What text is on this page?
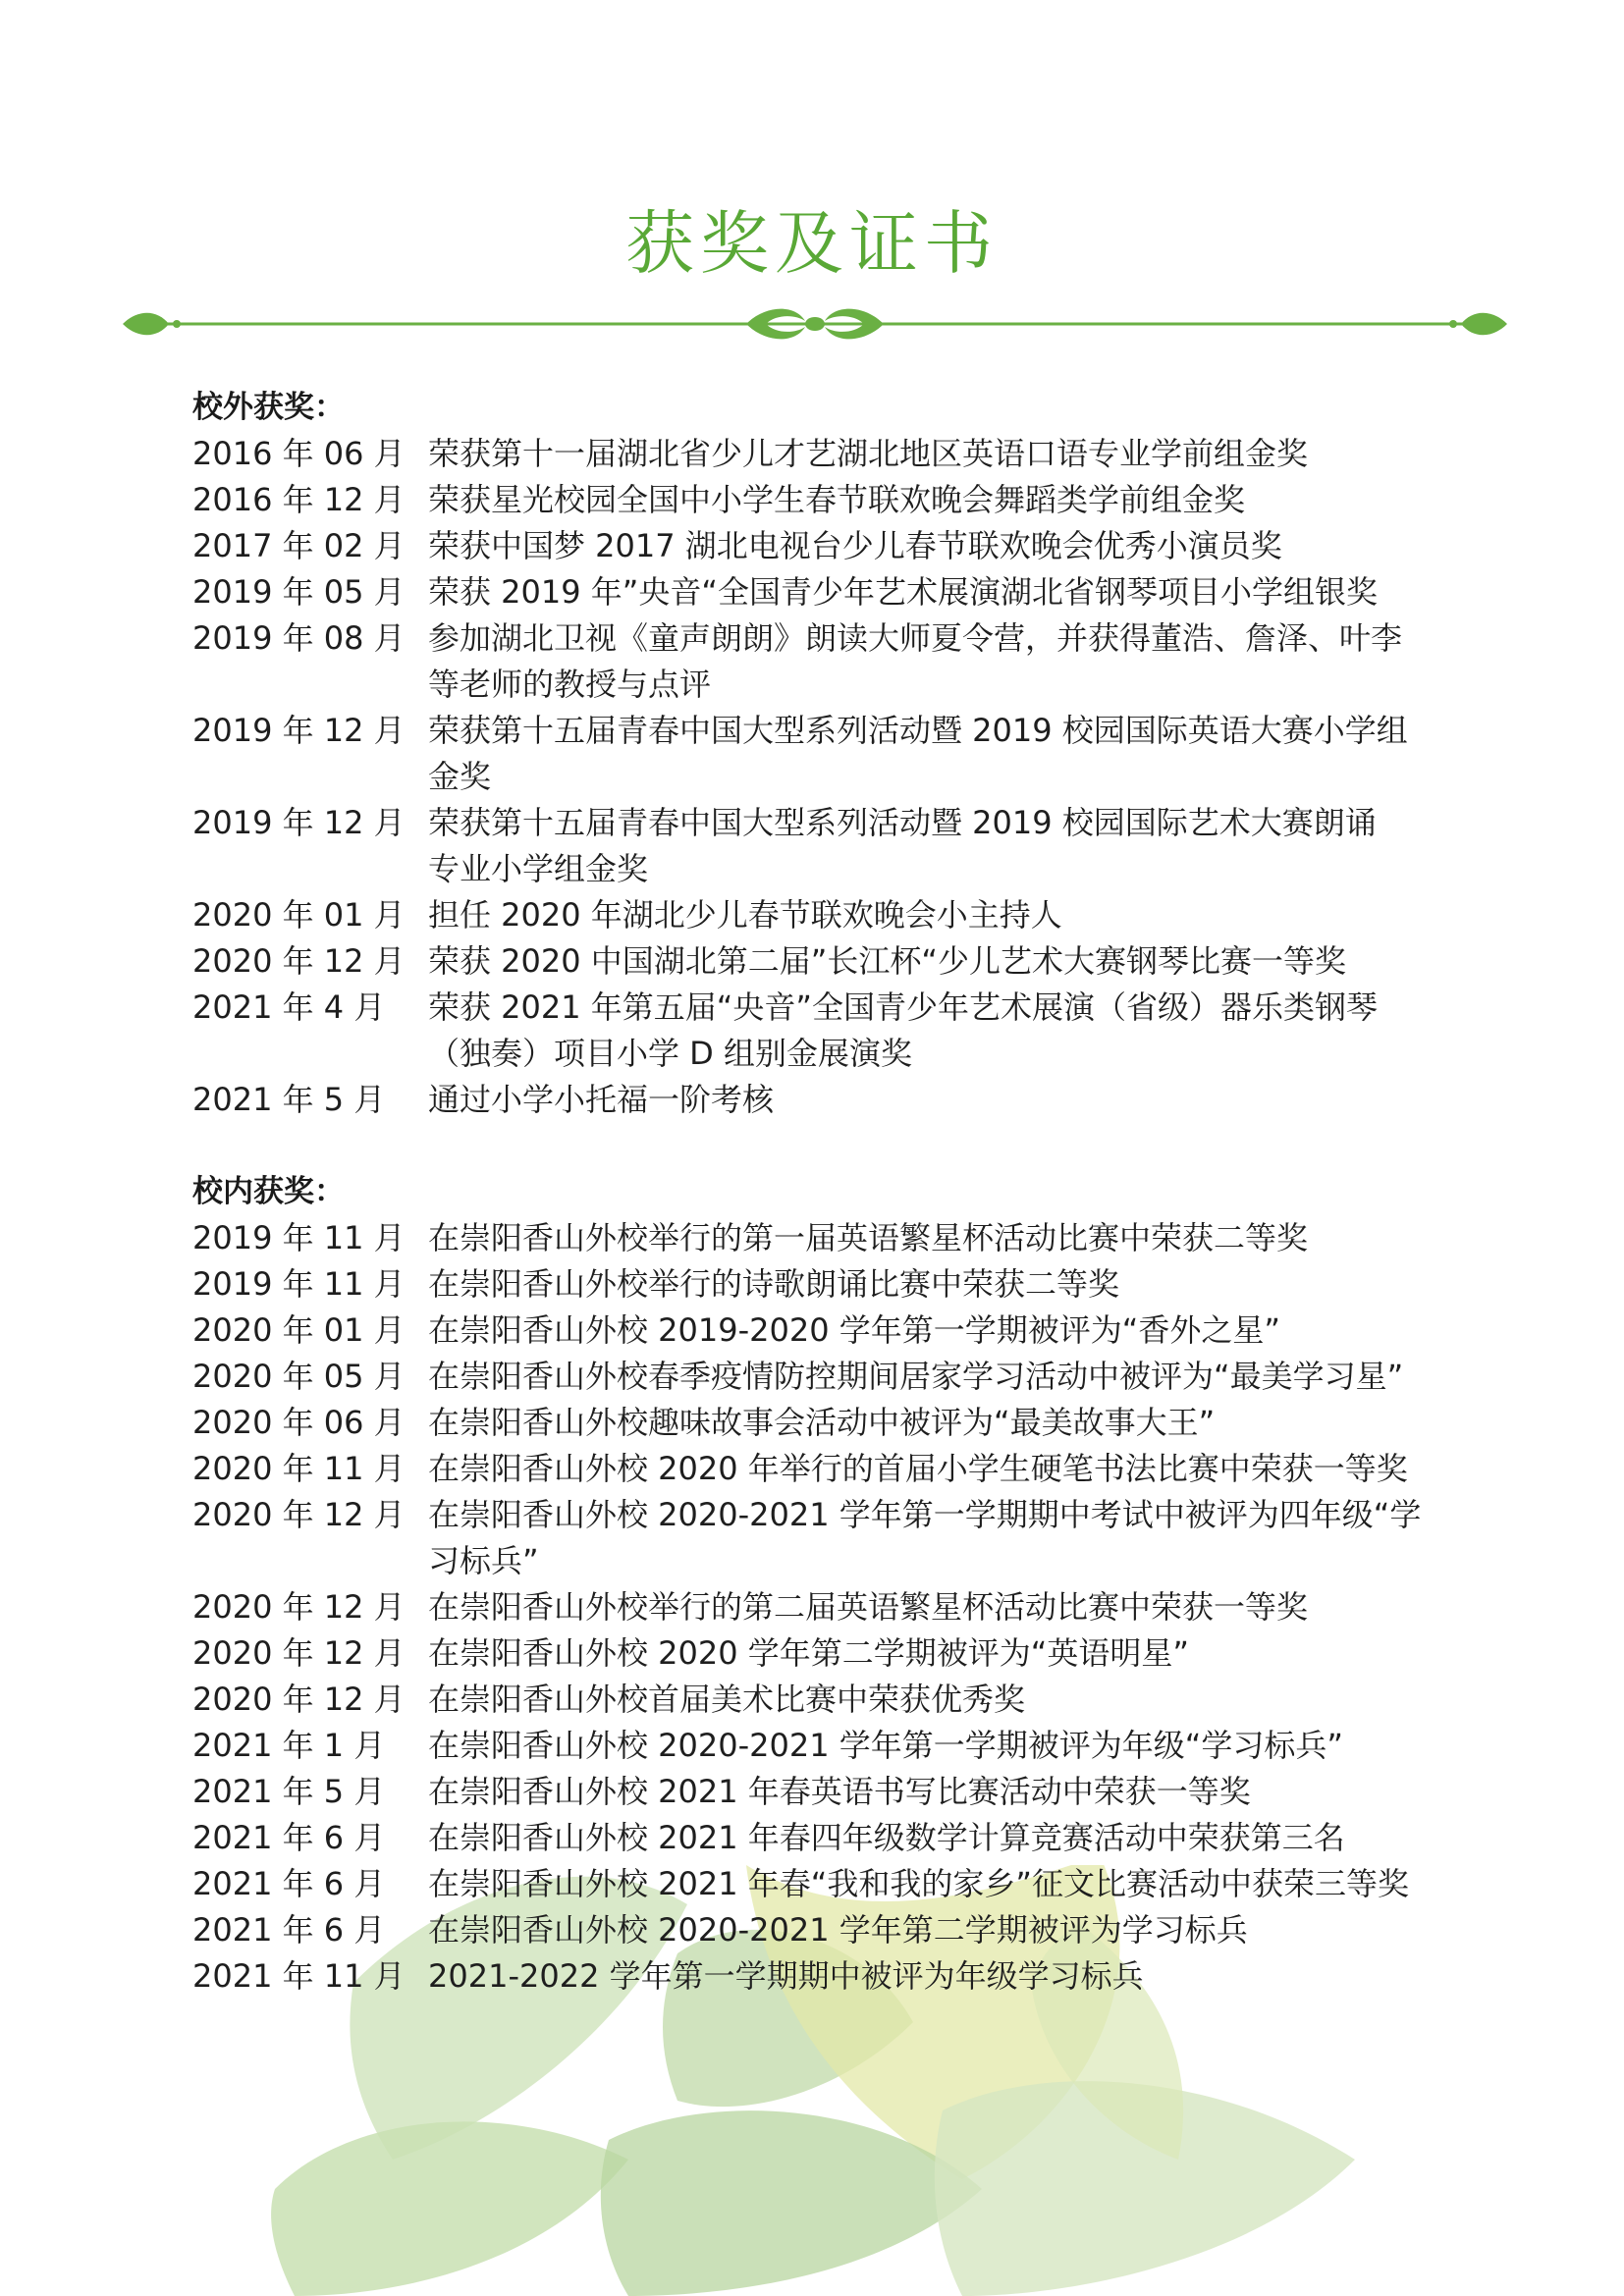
获奖及证书
校外获奖：
2016 年 06 月 荣获第十一届湖北省少儿才艺湖北地区英语口语专业学前组金奖
2016 年 12 月 荣获星光校园全国中小学生春节联欢晚会舞蹈类学前组金奖
2017 年 02 月 荣获中国梦 2017 湖北电视台少儿春节联欢晚会优秀小演员奖
2019 年 05 月 荣获 2019 年”央音“全国青少年艺术展演湖北省钢琴项目小学组银奖
2019 年 08 月 参加湖北卫视《童声朗朗》朗读大师夏令营，并获得董浩、詹泽、叶李
等老师的教授与点评
2019 年 12 月 荣获第十五届青春中国大型系列活动暨 2019 校园国际英语大赛小学组
金奖
2019 年 12 月 荣获第十五届青春中国大型系列活动暨 2019 校园国际艺术大赛朗诵
专业小学组金奖
2020 年 01 月 担任 2020 年湖北少儿春节联欢晚会小主持人
2020 年 12 月 荣获 2020 中国湖北第二届”长江杯“少儿艺术大赛钢琴比赛一等奖
2021 年 4 月	荣获 2021 年第五届“央音”全国青少年艺术展演（省级）器乐类钢琴
（独奏）项目小学 D 组别金展演奖
2021 年 5 月	通过小学小托福一阶考核
校内获奖：
2019 年 11 月 在崇阳香山外校举行的第一届英语繁星杯活动比赛中荣获二等奖
2019 年 11 月 在崇阳香山外校举行的诗歌朗诵比赛中荣获二等奖
2020 年 01 月 在崇阳香山外校 2019-2020 学年第一学期被评为“香外之星”
2020 年 05 月 在崇阳香山外校春季疫情防控期间居家学习活动中被评为“最美学习星”
2020 年 06 月 在崇阳香山外校趣味故事会活动中被评为“最美故事大王”
2020 年 11 月 在崇阳香山外校 2020 年举行的首届小学生硬笔书法比赛中荣获一等奖
2020 年 12 月 在崇阳香山外校 2020-2021 学年第一学期期中考试中被评为四年级“学
习标兵”
2020 年 12 月 在崇阳香山外校举行的第二届英语繁星杯活动比赛中荣获一等奖
2020 年 12 月 在崇阳香山外校 2020 学年第二学期被评为“英语明星”
2020 年 12 月 在崇阳香山外校首届美术比赛中荣获优秀奖
2021 年 1 月	在崇阳香山外校 2020-2021 学年第一学期被评为年级“学习标兵”
2021 年 5 月	在崇阳香山外校 2021 年春英语书写比赛活动中荣获一等奖
2021 年 6 月	在崇阳香山外校 2021 年春四年级数学计算竞赛活动中荣获第三名
2021 年 6 月	在崇阳香山外校 2021 年春“我和我的家乡”征文比赛活动中获荣三等奖
2021 年 6 月	在崇阳香山外校 2020-2021 学年第二学期被评为学习标兵
2021 年 11 月 2021-2022 学年第一学期期中被评为年级学习标兵
